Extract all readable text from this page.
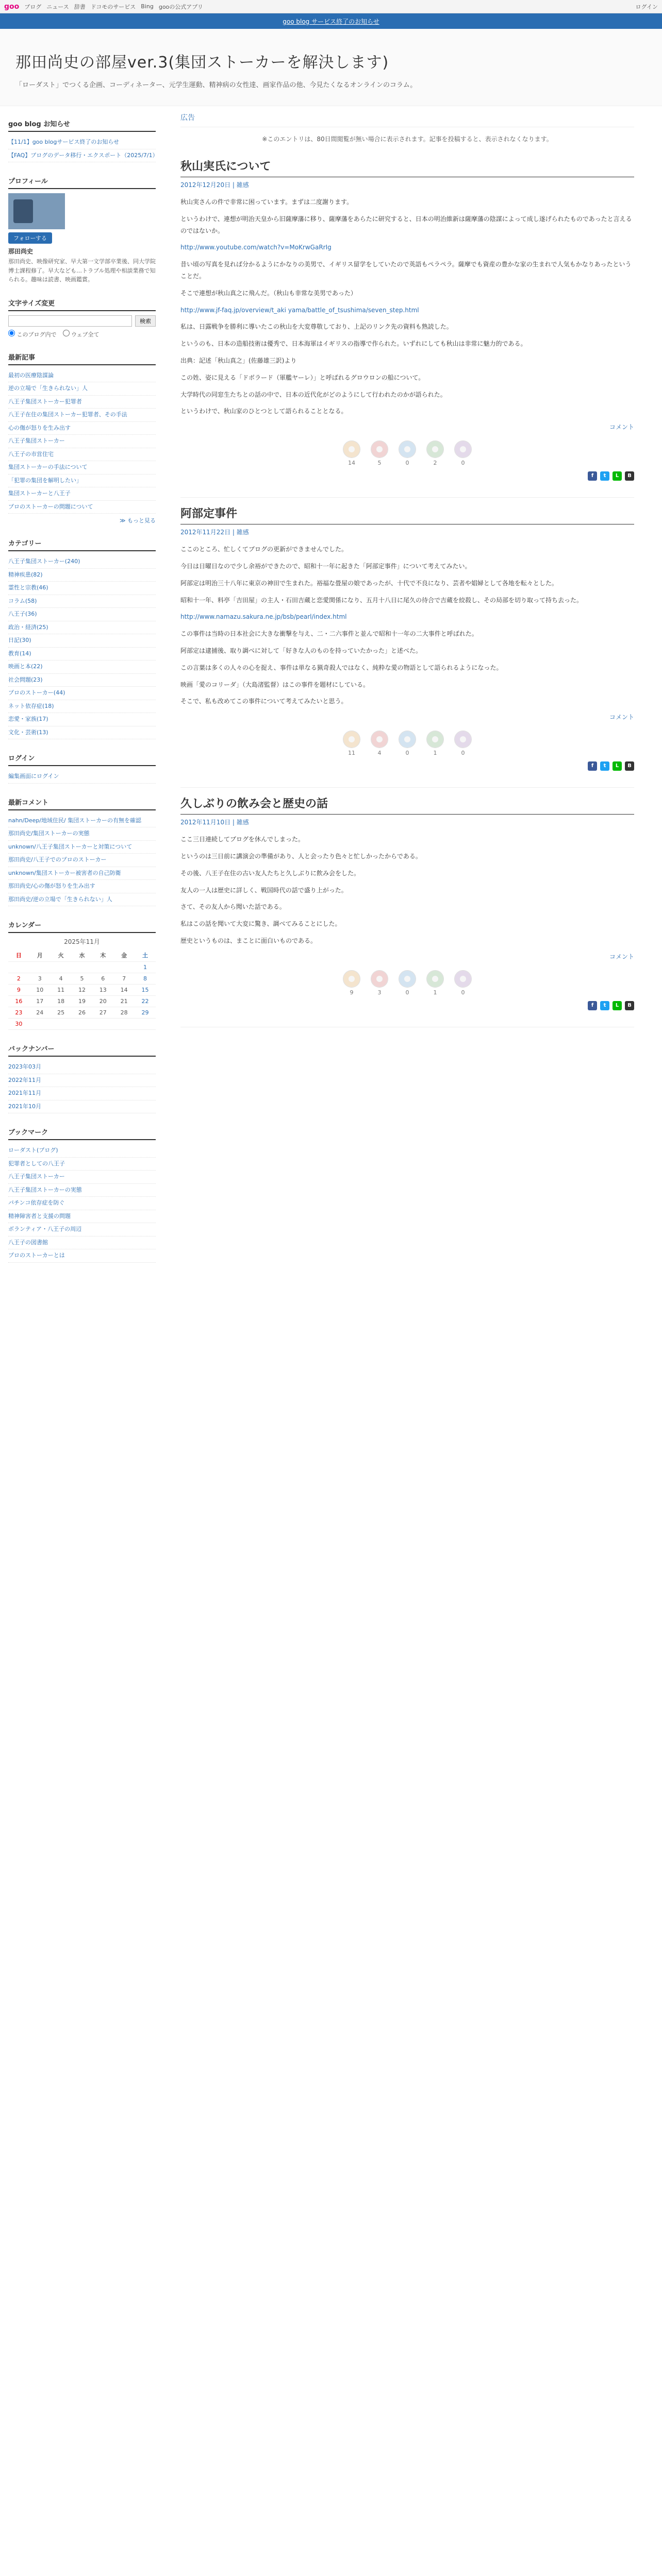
goo ブログ ニュース 辞書 ドコモのサービス Bing gooの公式アプリ	ログイン
goo blog サービス終了のお知らせ
那田尚史の部屋ver.3(集団ストーカーを解決します)

「ローダスト」でつくる企画、コーディネーター、元学生運動、精神病の女性達、画家作品の他、今見たくなるオンラインのコラム。

goo blog お知らせ
【11/1】goo blogサービス終了のお知らせ
【FAQ】ブログのデータ移行・エクスポート（2025/7/1）
プロフィール
フォローする
那田尚史
那田尚史、映像研究家、早大第一文学部卒業後、同大学院博士課程修了。早大なども…トラブル処理や相談業務で知られる。趣味は読書、映画鑑賞。
文字サイズ変更
検索
このブログ内で	ウェブ全て
最新記事
最初の医療陰謀論
逆の立場で「生きられない」人
八王子集団ストーカー犯罪者
八王子在住の集団ストーカー犯罪者、その手法
心の傷が怒りを生み出す
八王子集団ストーカー
八王子の市営住宅
集団ストーカーの手法について
「犯罪の集団を解明したい」
集団ストーカーと八王子
プロのストーカーの問題について
≫ もっと見る
カテゴリー
八王子集団ストーカー(240)
精神疾患(82)
霊性と宗教(46)
コラム(58)
八王子(36)
政治・経済(25)
日記(30)
教育(14)
映画と本(22)
社会問題(23)
プロのストーカー(44)
ネット依存症(18)
恋愛・家族(17)
文化・芸術(13)
ログイン
編集画面にログイン
最新コメント
nahn/Deep/地域住民/ 集団ストーカーの有無を確認
那田尚史/集団ストーカーの実態
unknown/八王子集団ストーカーと対策について
那田尚史/八王子でのプロのストーカー
unknown/集団ストーカー被害者の自己防衛
那田尚史/心の傷が怒りを生み出す
那田尚史/逆の立場で「生きられない」人
カレンダー
2025年11月
日	月	火	水	木	金	土
						1
2	3	4	5	6	7	8
9	10	11	12	13	14	15
16	17	18	19	20	21	22
23	24	25	26	27	28	29
30						
バックナンバー
2023年03月
2022年11月
2021年11月
2021年10月
ブックマーク
ローダスト(ブログ)
犯罪者としての八王子
八王子集団ストーカー
八王子集団ストーカーの実態
パチンコ依存症を防ぐ
精神障害者と支援の問題
ボランティア・八王子の周辺
八王子の図書館
プロのストーカーとは
広告
※このエントリは、80日間閲覧が無い場合に表示されます。記事を投稿すると、表示されなくなります。
秋山実氏について
2012年12月20日 | 雑感

秋山実さんの件で非常に困っています。まずは二度謝ります。

というわけで、連想が明治天皇から旧薩摩藩に移り、薩摩藩をあらたに研究すると、日本の明治維新は薩摩藩の陰謀によって成し遂げられたものであったと言えるのではないか。

http://www.youtube.com/watch?v=MoKrwGaRrIg

昔い頃の写真を見れば分かるようにかなりの美男で、イギリス留学をしていたので英語もペラペラ。薩摩でも資産の豊かな家の生まれで人気もかなりあったということだ。

そこで連想が秋山真之に飛んだ。（秋山も非常な美男であった）

http://www.jf-faq.jp/overview/t_aki yama/battle_of_tsushima/seven_step.html

私は、日露戦争を勝利に導いたこの秋山を大変尊敬しており、上記のリンク先の資料も熟読した。

というのも、日本の造船技術は優秀で、日本海軍はイギリスの指導で作られた。いずれにしても秋山は非常に魅力的である。

出典：記述「秋山真之」(佐藤雄三訳)より

この姓、姿に見える「ドボラード（軍艦ヤーレ）」と呼ばれるグロウロンの船について。

大学時代の同窓生たちとの話の中で、日本の近代化がどのようにして行われたのかが語られた。

というわけで、秋山家のひとつとして語られることとなる。

コメント
14	5	0	2	0
f	t	L	B
阿部定事件
2012年11月22日 | 雑感

ここのところ、忙しくてブログの更新ができませんでした。

今日は日曜日なので少し余裕ができたので、昭和十一年に起きた「阿部定事件」について考えてみたい。

阿部定は明治三十八年に東京の神田で生まれた。裕福な畳屋の娘であったが、十代で不良になり、芸者や娼婦として各地を転々とした。

昭和十一年、料亭「吉田屋」の主人・石田吉蔵と恋愛関係になり、五月十八日に尾久の待合で吉蔵を絞殺し、その局部を切り取って持ち去った。

http://www.namazu.sakura.ne.jp/bsb/pearl/index.html

この事件は当時の日本社会に大きな衝撃を与え、二・二六事件と並んで昭和十一年の二大事件と呼ばれた。

阿部定は逮捕後、取り調べに対して「好きな人のものを持っていたかった」と述べた。

この言葉は多くの人々の心を捉え、事件は単なる猟奇殺人ではなく、純粋な愛の物語として語られるようになった。

映画「愛のコリーダ」（大島渚監督）はこの事件を題材にしている。

そこで、私も改めてこの事件について考えてみたいと思う。

コメント
11	4	0	1	0
f	t	L	B
久しぶりの飲み会と歴史の話
2012年11月10日 | 雑感

ここ三日連続してブログを休んでしまった。

というのは三日前に講演会の準備があり、人と会ったり色々と忙しかったからである。

その後、八王子在住の古い友人たちと久しぶりに飲み会をした。

友人の一人は歴史に詳しく、戦国時代の話で盛り上がった。

さて、その友人から聞いた話である。

私はこの話を聞いて大変に驚き、調べてみることにした。

歴史というものは、まことに面白いものである。

コメント
9	3	0	1	0
f	t	L	B
